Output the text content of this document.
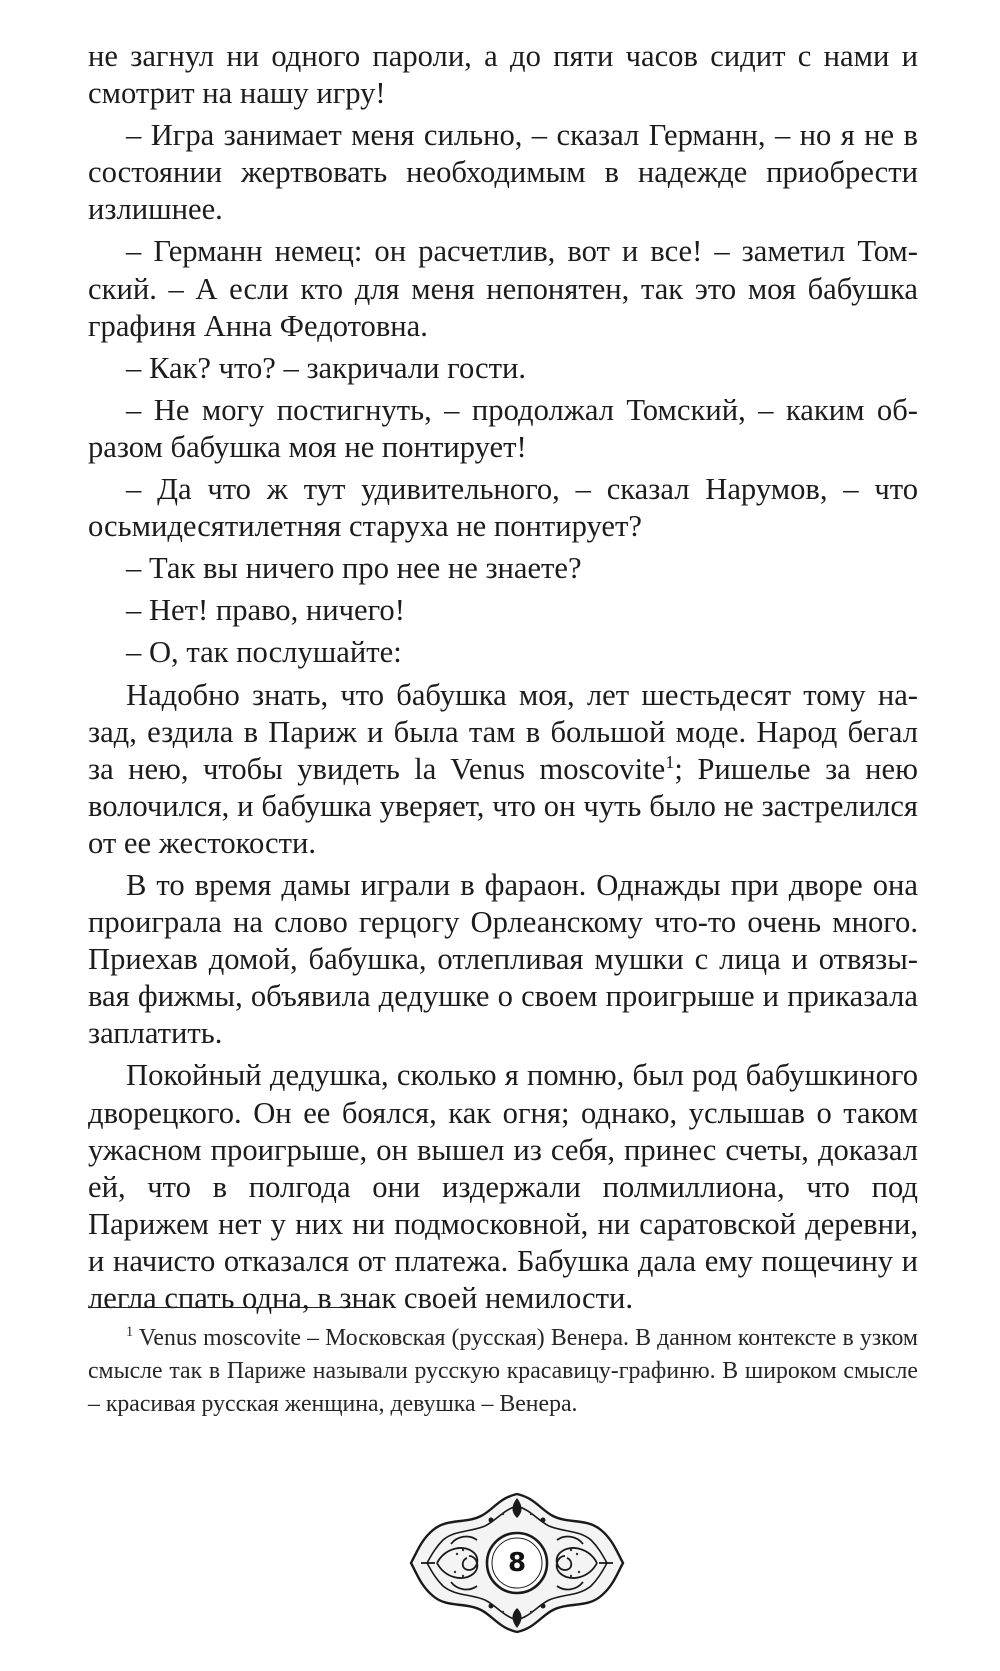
не загнул ни одного пароли, а до пяти часов сидит с нами и смотрит на нашу игру!

– Игра занимает меня сильно, – сказал Германн, – но я не в состоянии жертвовать необходимым в надежде приобрести излишнее.

– Германн немец: он расчетлив, вот и все! – заметил Томский. – А если кто для меня непонятен, так это моя бабушка графиня Анна Федотовна.

– Как? что? – закричали гости.

– Не могу постигнуть, – продолжал Томский, – каким образом бабушка моя не понтирует!

– Да что ж тут удивительного, – сказал Нарумов, – что осьмидесятилетняя старуха не понтирует?

– Так вы ничего про нее не знаете?

– Нет! право, ничего!

– О, так послушайте:

Надобно знать, что бабушка моя, лет шестьдесят тому назад, ездила в Париж и была там в большой моде. Народ бегал за нею, чтобы увидеть la Venus moscovite$^1$; Ришелье за нею волочился, и бабушка уверяет, что он чуть было не застрелился от ее жестокости.

В то время дамы играли в фараон. Однажды при дворе она проиграла на слово герцогу Орлеанскому что-то очень много. Приехав домой, бабушка, отлепливая мушки с лица и отвязывая фижмы, объявила дедушке о своем проигрыше и приказала заплатить.

Покойный дедушка, сколько я помню, был род бабушкиного дворецкого. Он ее боялся, как огня; однако, услышав о таком ужасном проигрыше, он вышел из себя, принес счеты, доказал ей, что в полгода они издержали полмиллиона, что под Парижем нет у них ни подмосковной, ни саратовской деревни, и начисто отказался от платежа. Бабушка дала ему пощечину и легла спать одна, в знак своей немилости.

$^1$ Venus moscovite – Московская (русская) Венера. В данном контексте в узком смысле так в Париже называли русскую красавицу-графиню. В широком смысле – красивая русская женщина, девушка – Венера.
8
